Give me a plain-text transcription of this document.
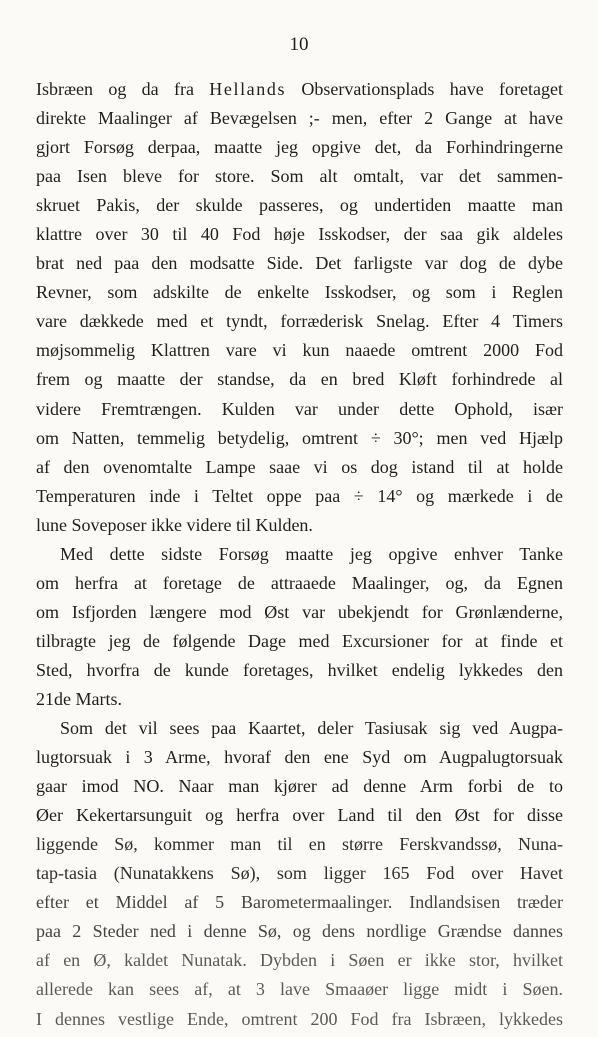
10
Isbræen og da fra Hellands Observationsplads have foretaget
direkte Maalinger af Bevægelsen ;- men, efter 2 Gange at have
gjort Forsøg derpaa, maatte jeg opgive det, da Forhindringerne
paa Isen bleve for store. Som alt omtalt, var det sammen-
skruet Pakis, der skulde passeres, og undertiden maatte man
klattre over 30 til 40 Fod høje Isskodser, der saa gik aldeles
brat ned paa den modsatte Side. Det farligste var dog de dybe
Revner, som adskilte de enkelte Isskodser, og som i Reglen
vare dækkede med et tyndt, forræderisk Snelag. Efter 4 Timers
møjsommelig Klattren vare vi kun naaede omtrent 2000 Fod
frem og maatte der standse, da en bred Kløft forhindrede al
videre Fremtrængen. Kulden var under dette Ophold, især
om Natten, temmelig betydelig, omtrent ÷ 30°; men ved Hjælp
af den ovenomtalte Lampe saae vi os dog istand til at holde
Temperaturen inde i Teltet oppe paa ÷ 14° og mærkede i de
lune Soveposer ikke videre til Kulden.
Med dette sidste Forsøg maatte jeg opgive enhver Tanke
om herfra at foretage de attraaede Maalinger, og, da Egnen
om Isfjorden længere mod Øst var ubekjendt for Grønlænderne,
tilbragte jeg de følgende Dage med Excursioner for at finde et
Sted, hvorfra de kunde foretages, hvilket endelig lykkedes den
21de Marts.
Som det vil sees paa Kaartet, deler Tasiusak sig ved Augpa-
lugtorsuak i 3 Arme, hvoraf den ene Syd om Augpalugtorsuak
gaar imod NO. Naar man kjører ad denne Arm forbi de to
Øer Kekertarsunguit og herfra over Land til den Øst for disse
liggende Sø, kommer man til en større Ferskvandssø, Nuna-
tap-tasia (Nunatakkens Sø), som ligger 165 Fod over Havet
efter et Middel af 5 Barometermaalinger. Indlandsisen træder
paa 2 Steder ned i denne Sø, og dens nordlige Grændse dannes
af en Ø, kaldet Nunatak. Dybden i Søen er ikke stor, hvilket
allerede kan sees af, at 3 lave Smaaøer ligge midt i Søen.
I dennes vestlige Ende, omtrent 200 Fod fra Isbræen, lykkedes
